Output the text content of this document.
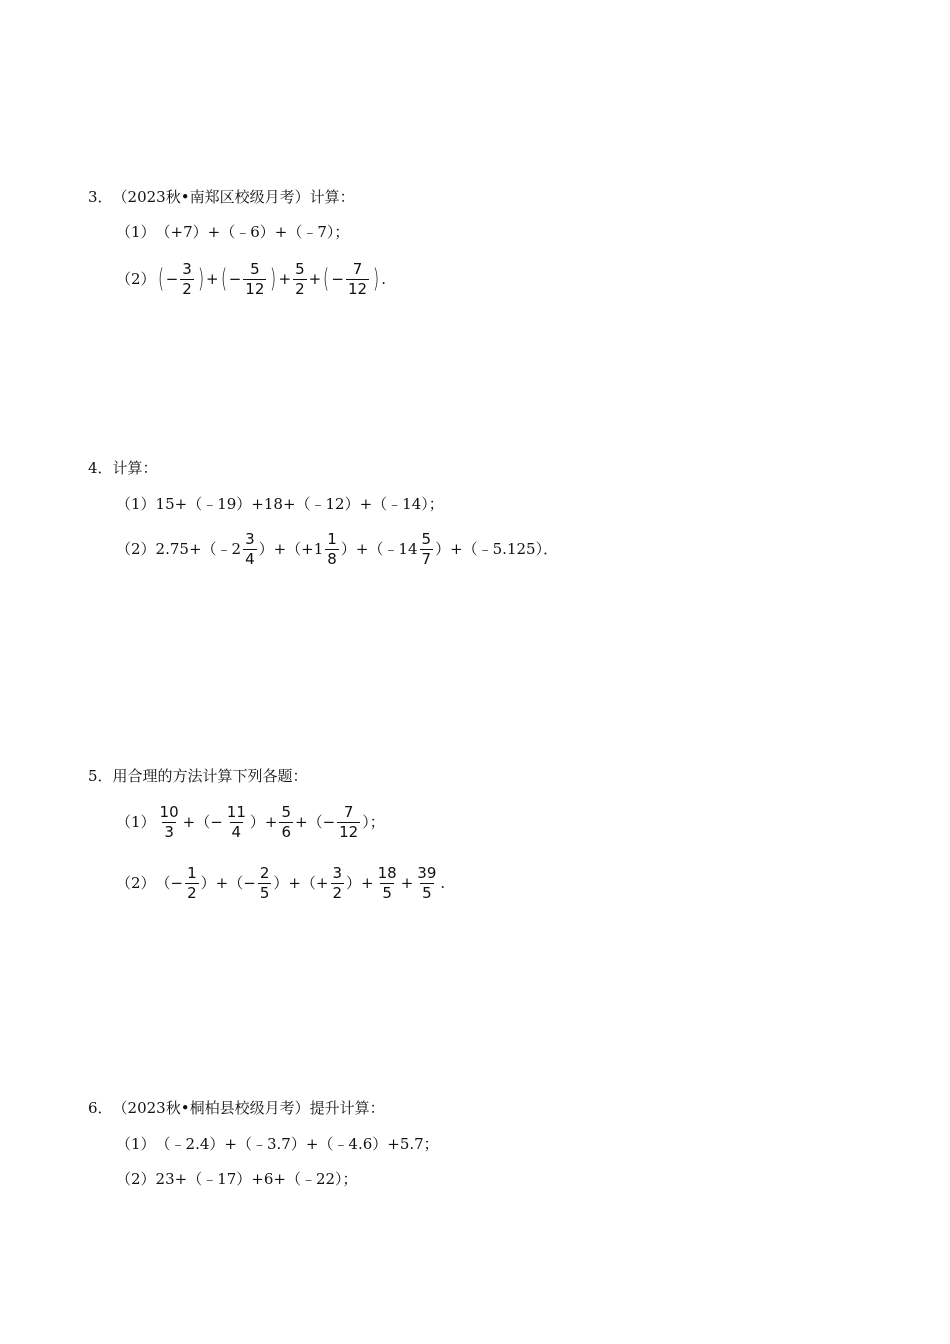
3． （2023秋•南郑区校级月考）计算：
（1） （+7）+（﹣6）+（﹣7）；
（2） ( − $\frac{3}{2}$ ) + ( − $\frac{5}{12}$ ) + $\frac{5}{2}$ + ( − $\frac{7}{12}$ ) .
4． 计算：
（1） 15+（﹣19）+18+（﹣12）+（﹣14）；
（2） 2.75+（﹣ $2 \frac{3}{4}$ ）+（+ $1 \frac{1}{8}$ ）+（﹣ $14 \frac{5}{7}$ ）+（﹣5.125）．
5． 用合理的方法计算下列各题：
$(1) \frac{10}{3}$ +（− $\frac{11}{4}$ ）+ $\frac{5}{6}$ +（− $\frac{7}{12}$ ）；
（2） （− $\frac{1}{2}$ ）+（− $\frac{2}{5}$ ）+（+ $\frac{3}{2}$ ）+ $\frac{18}{5} + \frac{39}{5}$ .
6． （2023秋•桐柏县校级月考）提升计算：
（1） （﹣2.4）+（﹣3.7）+（﹣4.6）+5.7；
（2） 23+（﹣17）+6+（﹣22）；
